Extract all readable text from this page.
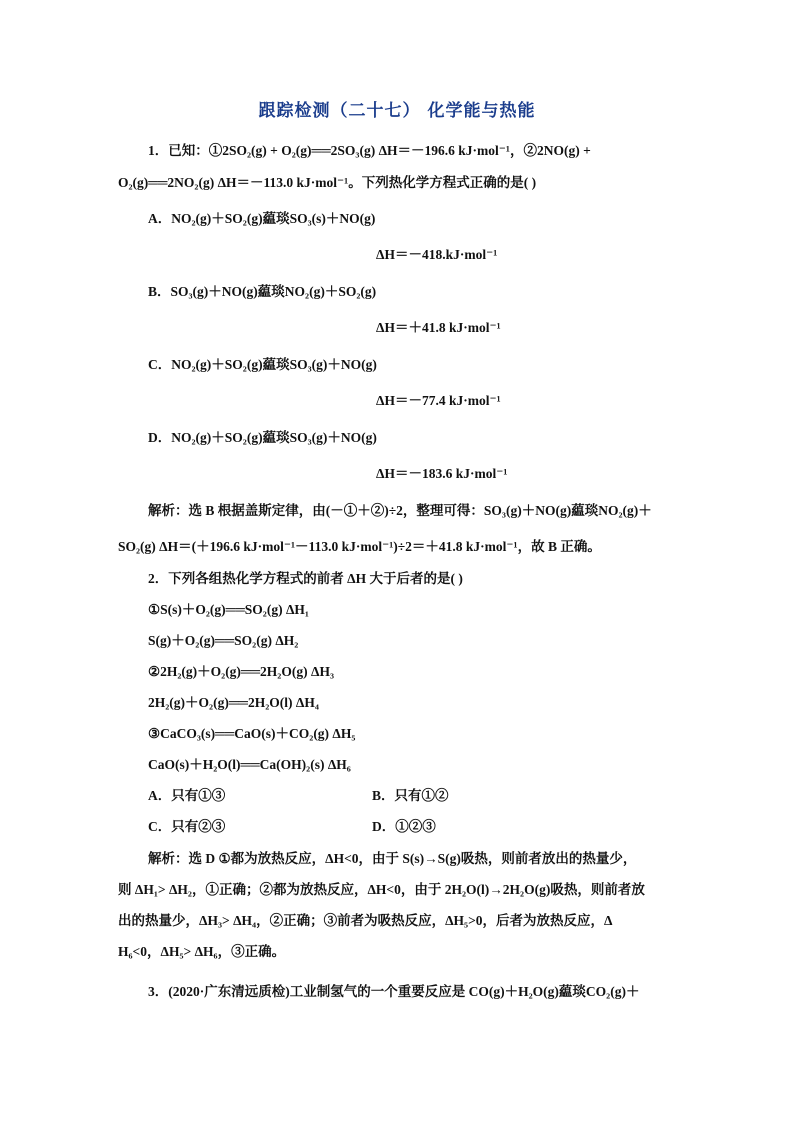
跟踪检测（二十七） 化学能与热能
1．已知：①2SO₂(g) + O₂(g)══2SO₃(g) ΔH＝－196.6 kJ·mol⁻¹，②2NO(g) +
O₂(g)══2NO₂(g) ΔH＝－113.0 kJ·mol⁻¹。下列热化学方程式正确的是( )
A．NO₂(g)＋SO₂(g)藴琰SO₃(s)＋NO(g)
ΔH＝－418.kJ·mol⁻¹
B．SO₃(g)＋NO(g)藴琰NO₂(g)＋SO₂(g)
ΔH＝＋41.8 kJ·mol⁻¹
C．NO₂(g)＋SO₂(g)藴琰SO₃(g)＋NO(g)
ΔH＝－77.4 kJ·mol⁻¹
D．NO₂(g)＋SO₂(g)藴琰SO₃(g)＋NO(g)
ΔH＝－183.6 kJ·mol⁻¹
解析：选 B 根据盖斯定律，由(－①＋②)÷2，整理可得：SO₃(g)＋NO(g)藴琰NO₂(g)＋
SO₂(g) ΔH＝(＋196.6 kJ·mol⁻¹－113.0 kJ·mol⁻¹)÷2＝＋41.8 kJ·mol⁻¹，故 B 正确。
2．下列各组热化学方程式的前者 ΔH 大于后者的是( )
①S(s)＋O₂(g)══SO₂(g) ΔH₁
S(g)＋O₂(g)══SO₂(g) ΔH₂
②2H₂(g)＋O₂(g)══2H₂O(g) ΔH₃
2H₂(g)＋O₂(g)══2H₂O(l) ΔH₄
③CaCO₃(s)══CaO(s)＋CO₂(g) ΔH₅
CaO(s)＋H₂O(l)══Ca(OH)₂(s) ΔH₆
A．只有①③	B．只有①②
C．只有②③	D．①②③
解析：选 D ①都为放热反应，ΔH<0，由于 S(s)→S(g)吸热，则前者放出的热量少，
则 ΔH₁> ΔH₂，①正确；②都为放热反应，ΔH<0，由于 2H₂O(l)→2H₂O(g)吸热，则前者放
出的热量少，ΔH₃> ΔH₄，②正确；③前者为吸热反应，ΔH₅>0，后者为放热反应，Δ
H₆<0，ΔH₅> ΔH₆，③正确。
3．(2020·广东清远质检)工业制氢气的一个重要反应是 CO(g)＋H₂O(g)藴琰CO₂(g)＋
